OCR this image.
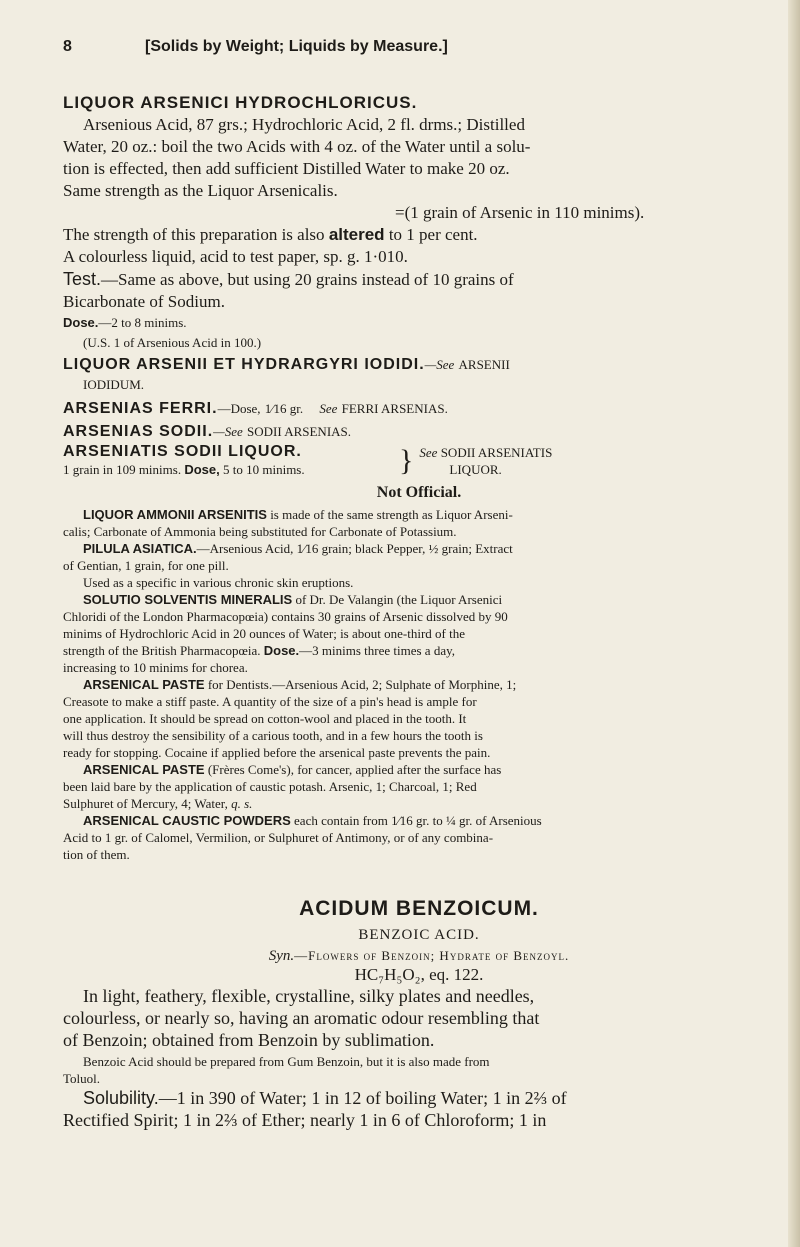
8	[Solids by Weight; Liquids by Measure.]

LIQUOR ARSENICI HYDROCHLORICUS.

Arsenious Acid, 87 grs.; Hydrochloric Acid, 2 fl. drms.; Distilled

Water, 20 oz.: boil the two Acids with 4 oz. of the Water until a solu-

tion is effected, then add sufficient Distilled Water to make 20 oz.

Same strength as the Liquor Arsenicalis.

=(1 grain of Arsenic in 110 minims).

The strength of this preparation is also altered to 1 per cent.

A colourless liquid, acid to test paper, sp. g. 1·010.

Test.—Same as above, but using 20 grains instead of 10 grains of

Bicarbonate of Sodium.

Dose.—2 to 8 minims.

(U.S. 1 of Arsenious Acid in 100.)

LIQUOR ARSENII ET HYDRARGYRI IODIDI.—See ARSENII

IODIDUM.

ARSENIAS FERRI.—Dose, 1⁄16 gr. See FERRI ARSENIAS.

ARSENIAS SODII.—See SODII ARSENIAS.

ARSENIATIS SODII LIQUOR.

1 grain in 109 minims. Dose, 5 to 10 minims.	} See SODII ARSENIATIS

LIQUOR.

Not Official.

LIQUOR AMMONII ARSENITIS is made of the same strength as Liquor Arseni-

calis; Carbonate of Ammonia being substituted for Carbonate of Potassium.

PILULA ASIATICA.—Arsenious Acid, 1⁄16 grain; black Pepper, ½ grain; Extract

of Gentian, 1 grain, for one pill.

Used as a specific in various chronic skin eruptions.

SOLUTIO SOLVENTIS MINERALIS of Dr. De Valangin (the Liquor Arsenici

Chloridi of the London Pharmacopœia) contains 30 grains of Arsenic dissolved by 90

minims of Hydrochloric Acid in 20 ounces of Water; is about one-third of the

strength of the British Pharmacopœia. Dose.—3 minims three times a day,

increasing to 10 minims for chorea.

ARSENICAL PASTE for Dentists.—Arsenious Acid, 2; Sulphate of Morphine, 1;

Creasote to make a stiff paste. A quantity of the size of a pin's head is ample for

one application. It should be spread on cotton-wool and placed in the tooth. It

will thus destroy the sensibility of a carious tooth, and in a few hours the tooth is

ready for stopping. Cocaine if applied before the arsenical paste prevents the pain.

ARSENICAL PASTE (Frères Come's), for cancer, applied after the surface has

been laid bare by the application of caustic potash. Arsenic, 1; Charcoal, 1; Red

Sulphuret of Mercury, 4; Water, q. s.

ARSENICAL CAUSTIC POWDERS each contain from 1⁄16 gr. to ¼ gr. of Arsenious

Acid to 1 gr. of Calomel, Vermilion, or Sulphuret of Antimony, or of any combina-

tion of them.

ACIDUM BENZOICUM.

BENZOIC ACID.

Syn.—Flowers of Benzoin; Hydrate of Benzoyl.

HC₇H₅O₂, eq. 122.

In light, feathery, flexible, crystalline, silky plates and needles,

colourless, or nearly so, having an aromatic odour resembling that

of Benzoin; obtained from Benzoin by sublimation.

Benzoic Acid should be prepared from Gum Benzoin, but it is also made from

Toluol.

Solubility.—1 in 390 of Water; 1 in 12 of boiling Water; 1 in 2⅔ of

Rectified Spirit; 1 in 2⅔ of Ether; nearly 1 in 6 of Chloroform; 1 in
